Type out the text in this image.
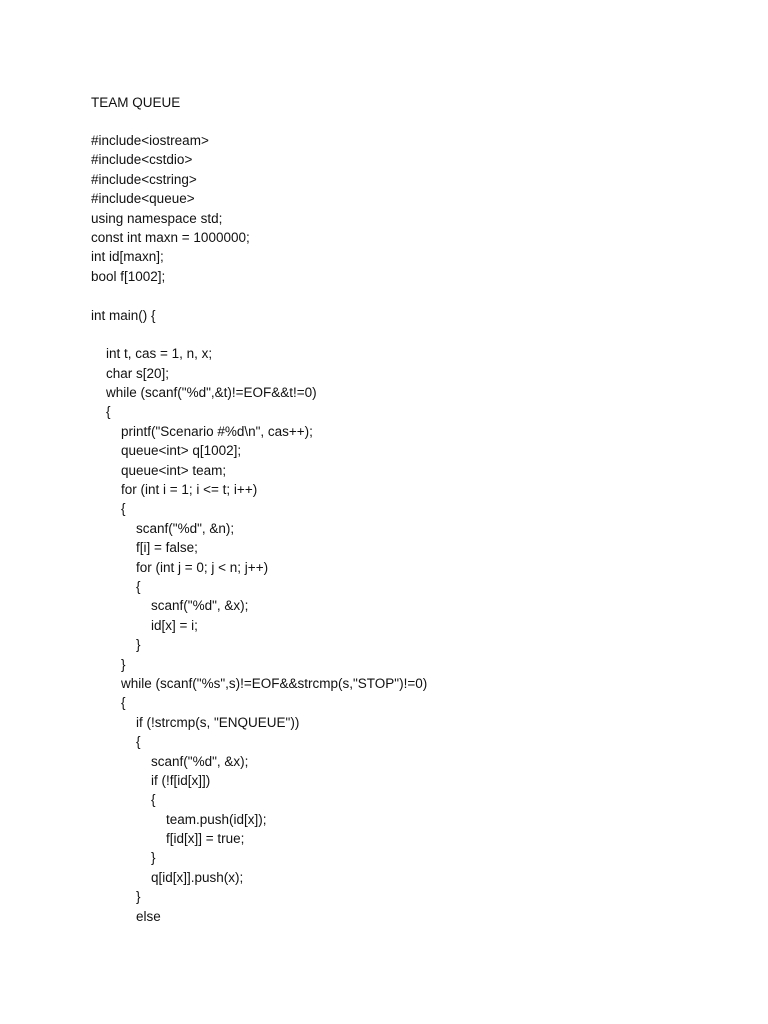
TEAM QUEUE
#include<iostream>
#include<cstdio>
#include<cstring>
#include<queue>
using namespace std;
const int maxn = 1000000;
int id[maxn];
bool f[1002];
int main() {
int t, cas = 1, n, x;
char s[20];
while (scanf("%d",&t)!=EOF&&t!=0)
{
printf("Scenario #%d\n", cas++);
queue<int> q[1002];
queue<int> team;
for (int i = 1; i <= t; i++)
{
scanf("%d", &n);
f[i] = false;
for (int j = 0; j < n; j++)
{
scanf("%d", &x);
id[x] = i;
}
}
while (scanf("%s",s)!=EOF&&strcmp(s,"STOP")!=0)
{
if (!strcmp(s, "ENQUEUE"))
{
scanf("%d", &x);
if (!f[id[x]])
{
team.push(id[x]);
f[id[x]] = true;
}
q[id[x]].push(x);
}
else
